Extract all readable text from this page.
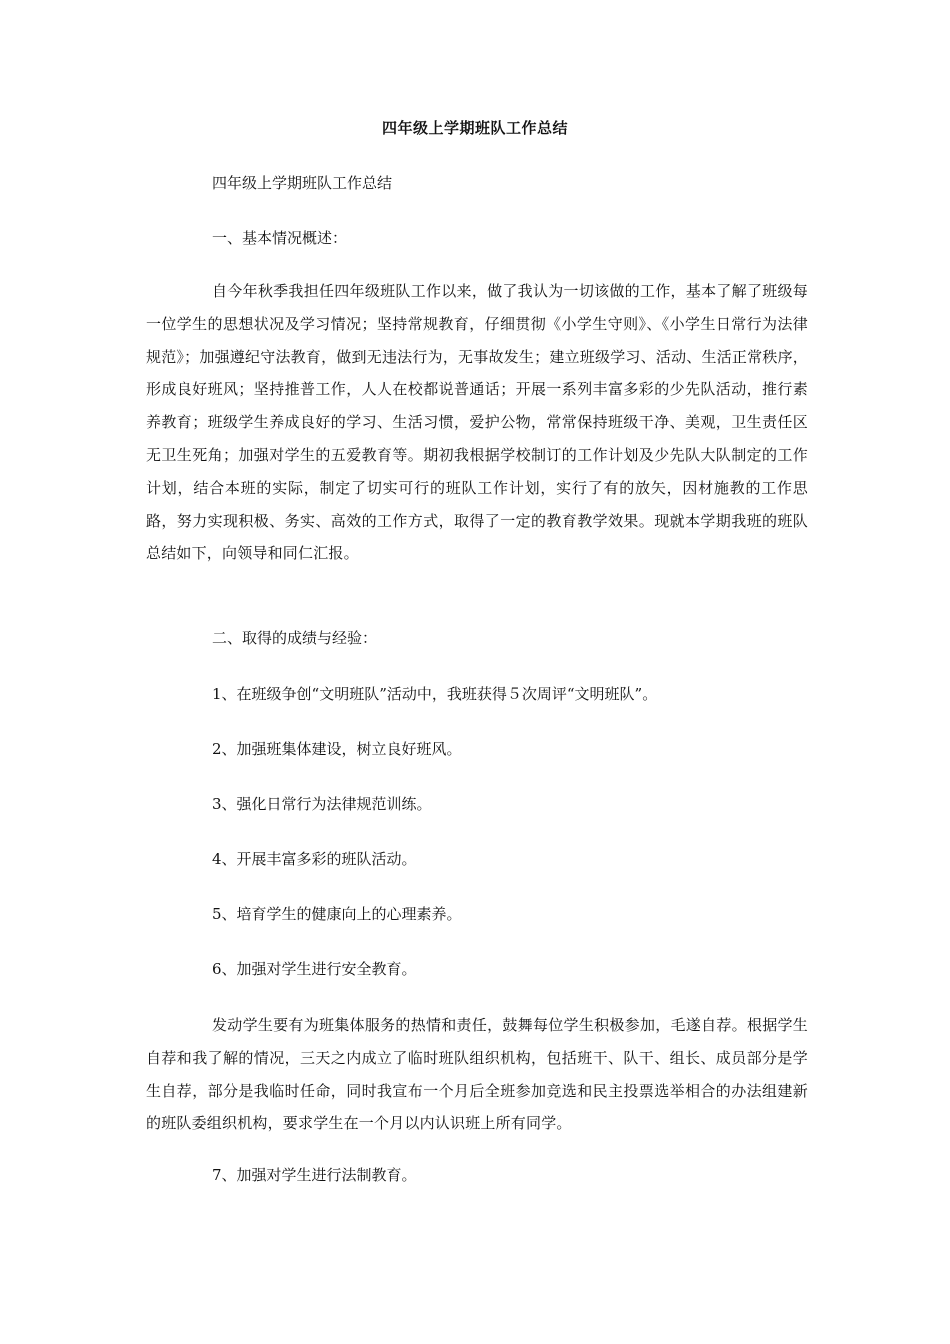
四年级上学期班队工作总结
四年级上学期班队工作总结
一、基本情况概述：
自今年秋季我担任四年级班队工作以来，做了我认为一切该做的工作，基本了解了班级每一位学生的思想状况及学习情况；坚持常规教育，仔细贯彻《小学生守则》、《小学生日常行为法律规范》；加强遵纪守法教育，做到无违法行为，无事故发生；建立班级学习、活动、生活正常秩序，形成良好班风；坚持推普工作，人人在校都说普通话；开展一系列丰富多彩的少先队活动，推行素养教育；班级学生养成良好的学习、生活习惯，爱护公物，常常保持班级干净、美观，卫生责任区无卫生死角；加强对学生的五爱教育等。期初我根据学校制订的工作计划及少先队大队制定的工作计划，结合本班的实际，制定了切实可行的班队工作计划，实行了有的放矢，因材施教的工作思路，努力实现积极、务实、高效的工作方式，取得了一定的教育教学效果。现就本学期我班的班队总结如下，向领导和同仁汇报。
二、取得的成绩与经验：
1、在班级争创“文明班队”活动中，我班获得５次周评“文明班队”。
2、加强班集体建设，树立良好班风。
3、强化日常行为法律规范训练。
4、开展丰富多彩的班队活动。
5、培育学生的健康向上的心理素养。
6、加强对学生进行安全教育。
发动学生要有为班集体服务的热情和责任，鼓舞每位学生积极参加，毛遂自荐。根据学生自荐和我了解的情况，三天之内成立了临时班队组织机构，包括班干、队干、组长、成员部分是学生自荐，部分是我临时任命，同时我宣布一个月后全班参加竞选和民主投票选举相合的办法组建新的班队委组织机构，要求学生在一个月以内认识班上所有同学。
7、加强对学生进行法制教育。
